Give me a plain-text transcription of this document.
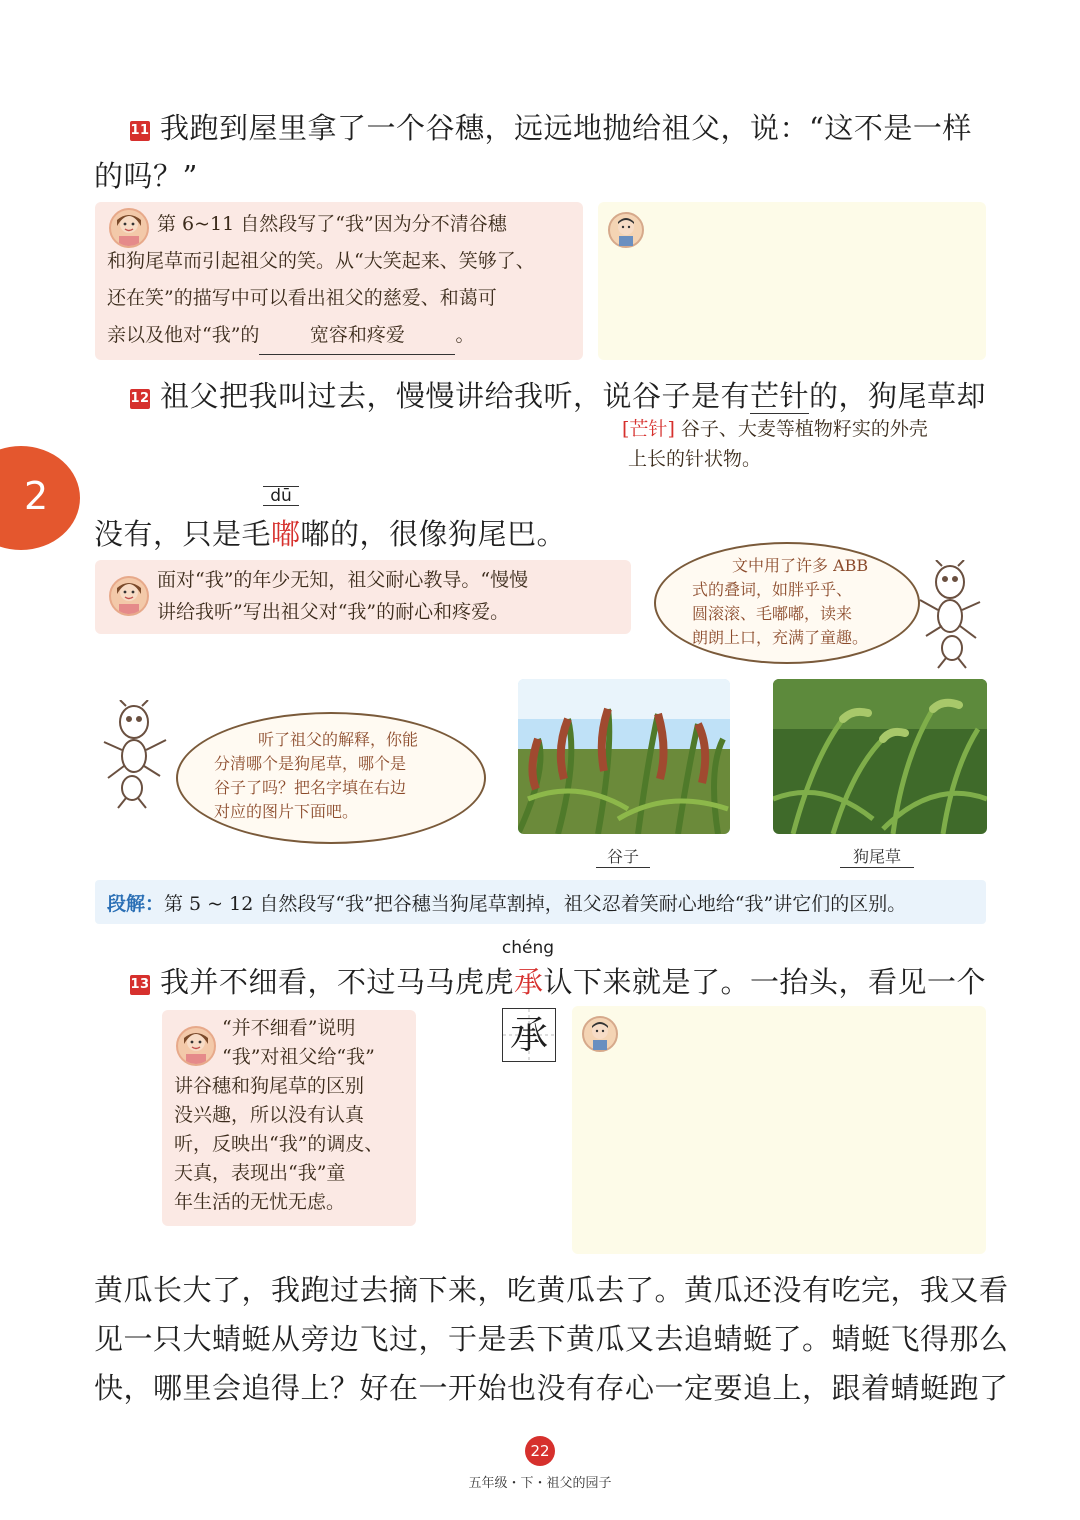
11 我跑到屋里拿了一个谷穗，远远地抛给祖父，说：“这不是一样
的吗？”
第 6~11 自然段写了“我”因为分不清谷穗
和狗尾草而引起祖父的笑。从“大笑起来、笑够了、
还在笑”的描写中可以看出祖父的慈爱、和蔼可
亲以及他对“我”的	宽容和疼爱	。
12 祖父把我叫过去，慢慢讲给我听，说谷子是有芒针的，狗尾草却
[芒针] 谷子、大麦等植物籽实的外壳
上长的针状物。
2	dū
没有，只是毛嘟嘟的，很像狗尾巴。
面对“我”的年少无知，祖父耐心教导。“慢慢
讲给我听”写出祖父对“我”的耐心和疼爱。
文中用了许多 ABB
式的叠词，如胖乎乎、
圆滚滚、毛嘟嘟，读来
朗朗上口，充满了童趣。
听了祖父的解释，你能
分清哪个是狗尾草，哪个是
谷子了吗？把名字填在右边
对应的图片下面吧。
谷子	狗尾草
段解：第 5 ~ 12 自然段写“我”把谷穗当狗尾草割掉，祖父忍着笑耐心地给“我”讲它们的区别。
chéng
13 我并不细看，不过马马虎虎承认下来就是了。一抬头，看见一个
承
“并不细看”说明
“我”对祖父给“我”
讲谷穗和狗尾草的区别
没兴趣，所以没有认真
听，反映出“我”的调皮、
天真，表现出“我”童
年生活的无忧无虑。
黄瓜长大了，我跑过去摘下来，吃黄瓜去了。黄瓜还没有吃完，我又看
见一只大蜻蜓从旁边飞过，于是丢下黄瓜又去追蜻蜓了。蜻蜓飞得那么
快，哪里会追得上？好在一开始也没有存心一定要追上，跟着蜻蜓跑了
22
五年级・下・祖父的园子
